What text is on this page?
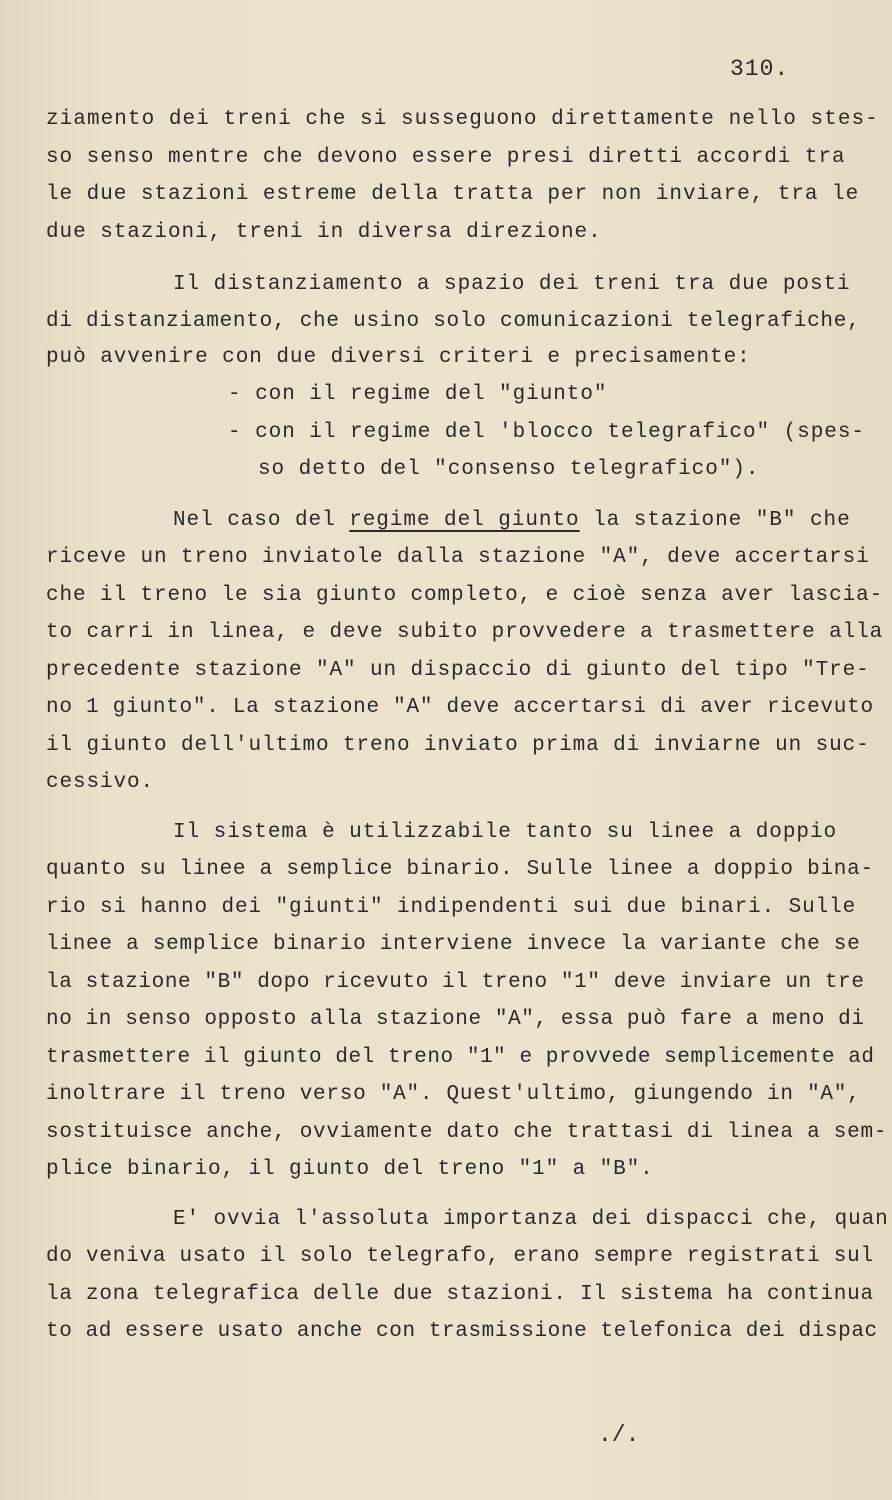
310.
ziamento dei treni che si susseguono direttamente nello stes-
so senso mentre che devono essere presi diretti accordi tra
le due stazioni estreme della tratta per non inviare, tra le
due stazioni, treni in diversa direzione.
Il distanziamento a spazio dei treni tra due posti
di distanziamento, che usino solo comunicazioni telegrafiche,
può avvenire con due diversi criteri e precisamente:
- con il regime del "giunto"
- con il regime del 'blocco telegrafico" (spes-
so detto del "consenso telegrafico").
Nel caso del regime del giunto la stazione "B" che
riceve un treno inviatole dalla stazione "A", deve accertarsi
che il treno le sia giunto completo, e cioè senza aver lascia-
to carri in linea, e deve subito provvedere a trasmettere alla
precedente stazione "A" un dispaccio di giunto del tipo "Tre-
no 1 giunto". La stazione "A" deve accertarsi di aver ricevuto
il giunto dell'ultimo treno inviato prima di inviarne un suc-
cessivo.
Il sistema è utilizzabile tanto su linee a doppio
quanto su linee a semplice binario. Sulle linee a doppio bina-
rio si hanno dei "giunti" indipendenti sui due binari. Sulle
linee a semplice binario interviene invece la variante che se
la stazione "B" dopo ricevuto il treno "1" deve inviare un tre
no in senso opposto alla stazione "A", essa può fare a meno di
trasmettere il giunto del treno "1" e provvede semplicemente ad
inoltrare il treno verso "A". Quest'ultimo, giungendo in "A",
sostituisce anche, ovviamente dato che trattasi di linea a sem-
plice binario, il giunto del treno "1" a "B".
E' ovvia l'assoluta importanza dei dispacci che, quan
do veniva usato il solo telegrafo, erano sempre registrati sul
la zona telegrafica delle due stazioni. Il sistema ha continua
to ad essere usato anche con trasmissione telefonica dei dispac
./.
